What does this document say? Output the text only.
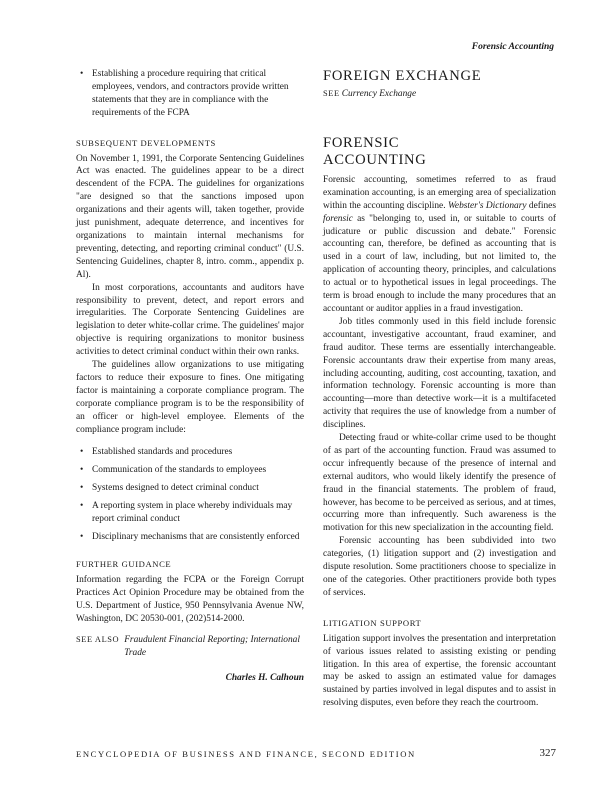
Forensic Accounting
• Establishing a procedure requiring that critical employees, vendors, and contractors provide written statements that they are in compliance with the requirements of the FCPA
SUBSEQUENT DEVELOPMENTS

On November 1, 1991, the Corporate Sentencing Guidelines Act was enacted. The guidelines appear to be a direct descendent of the FCPA. The guidelines for organizations "are designed so that the sanctions imposed upon organizations and their agents will, taken together, provide just punishment, adequate deterrence, and incentives for organizations to maintain internal mechanisms for preventing, detecting, and reporting criminal conduct" (U.S. Sentencing Guidelines, chapter 8, intro. comm., appendix p. Al).

In most corporations, accountants and auditors have responsibility to prevent, detect, and report errors and irregularities. The Corporate Sentencing Guidelines are legislation to deter white-collar crime. The guidelines' major objective is requiring organizations to monitor business activities to detect criminal conduct within their own ranks.

The guidelines allow organizations to use mitigating factors to reduce their exposure to fines. One mitigating factor is maintaining a corporate compliance program. The corporate compliance program is to be the responsibility of an officer or high-level employee. Elements of the compliance program include:

• Established standards and procedures
• Communication of the standards to employees
• Systems designed to detect criminal conduct
• A reporting system in place whereby individuals may report criminal conduct
• Disciplinary mechanisms that are consistently enforced
FURTHER GUIDANCE

Information regarding the FCPA or the Foreign Corrupt Practices Act Opinion Procedure may be obtained from the U.S. Department of Justice, 950 Pennsylvania Avenue NW, Washington, DC 20530-001, (202)514-2000.

SEE ALSO Fraudulent Financial Reporting; International Trade
Charles H. Calhoun
FOREIGN EXCHANGE

SEE Currency Exchange

FORENSIC
ACCOUNTING

Forensic accounting, sometimes referred to as fraud examination accounting, is an emerging area of specialization within the accounting discipline. Webster's Dictionary defines forensic as "belonging to, used in, or suitable to courts of judicature or public discussion and debate." Forensic accounting can, therefore, be defined as accounting that is used in a court of law, including, but not limited to, the application of accounting theory, principles, and calculations to actual or to hypothetical issues in legal proceedings. The term is broad enough to include the many procedures that an accountant or auditor applies in a fraud investigation.

Job titles commonly used in this field include forensic accountant, investigative accountant, fraud examiner, and fraud auditor. These terms are essentially interchangeable. Forensic accountants draw their expertise from many areas, including accounting, auditing, cost accounting, taxation, and information technology. Forensic accounting is more than accounting—more than detective work—it is a multifaceted activity that requires the use of knowledge from a number of disciplines.

Detecting fraud or white-collar crime used to be thought of as part of the accounting function. Fraud was assumed to occur infrequently because of the presence of internal and external auditors, who would likely identify the presence of fraud in the financial statements. The problem of fraud, however, has become to be perceived as serious, and at times, occurring more than infrequently. Such awareness is the motivation for this new specialization in the accounting field.

Forensic accounting has been subdivided into two categories, (1) litigation support and (2) investigation and dispute resolution. Some practitioners choose to specialize in one of the categories. Other practitioners provide both types of services.

LITIGATION SUPPORT

Litigation support involves the presentation and interpretation of various issues related to assisting existing or pending litigation. In this area of expertise, the forensic accountant may be asked to assign an estimated value for damages sustained by parties involved in legal disputes and to assist in resolving disputes, even before they reach the courtroom.

ENCYCLOPEDIA OF BUSINESS AND FINANCE, SECOND EDITION	327
